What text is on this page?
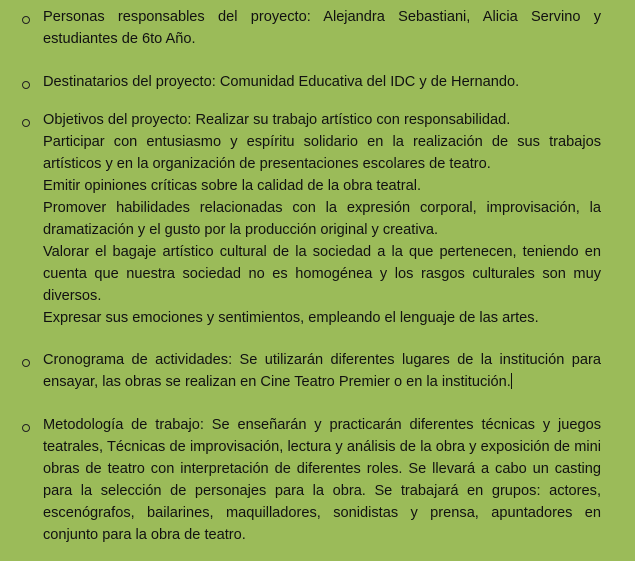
Personas responsables del proyecto: Alejandra Sebastiani, Alicia Servino y estudiantes de 6to Año.
Destinatarios del proyecto: Comunidad Educativa del IDC y de Hernando.
Objetivos del proyecto: Realizar su trabajo artístico con responsabilidad.
Participar con entusiasmo y espíritu solidario en la realización de sus trabajos artísticos y en la organización de presentaciones escolares de teatro.
Emitir opiniones críticas sobre la calidad de la obra teatral.
Promover habilidades relacionadas con la expresión corporal, improvisación, la dramatización y el gusto por la producción original y creativa.
Valorar el bagaje artístico cultural de la sociedad a la que pertenecen, teniendo en cuenta que nuestra sociedad no es homogénea y los rasgos culturales son muy diversos.
Expresar sus emociones y sentimientos, empleando el lenguaje de las artes.
Cronograma de actividades: Se utilizarán diferentes lugares de la institución para ensayar, las obras se realizan en Cine Teatro Premier o en la institución.
Metodología de trabajo: Se enseñarán y practicarán diferentes técnicas y juegos teatrales, Técnicas de improvisación, lectura y análisis de la obra y exposición de mini obras de teatro con interpretación de diferentes roles. Se llevará a cabo un casting para la selección de personajes para la obra. Se trabajará en grupos: actores, escenógrafos, bailarines, maquilladores, sonidistas y prensa, apuntadores en conjunto para la obra de teatro.
